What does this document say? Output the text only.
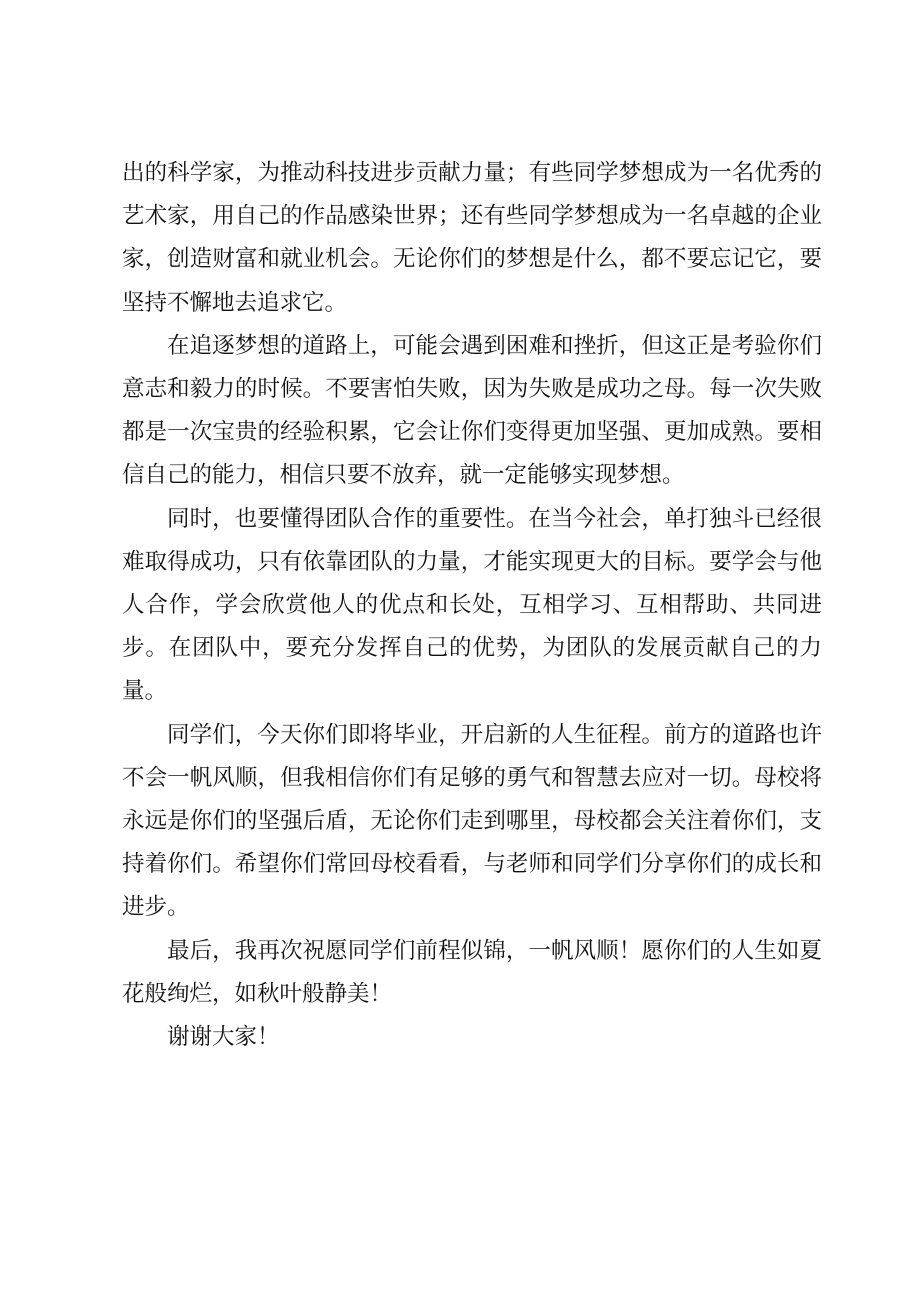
出的科学家，为推动科技进步贡献力量；有些同学梦想成为一名优秀的艺术家，用自己的作品感染世界；还有些同学梦想成为一名卓越的企业家，创造财富和就业机会。无论你们的梦想是什么，都不要忘记它，要坚持不懈地去追求它。

在追逐梦想的道路上，可能会遇到困难和挫折，但这正是考验你们意志和毅力的时候。不要害怕失败，因为失败是成功之母。每一次失败都是一次宝贵的经验积累，它会让你们变得更加坚强、更加成熟。要相信自己的能力，相信只要不放弃，就一定能够实现梦想。

同时，也要懂得团队合作的重要性。在当今社会，单打独斗已经很难取得成功，只有依靠团队的力量，才能实现更大的目标。要学会与他人合作，学会欣赏他人的优点和长处，互相学习、互相帮助、共同进步。在团队中，要充分发挥自己的优势，为团队的发展贡献自己的力量。

同学们，今天你们即将毕业，开启新的人生征程。前方的道路也许不会一帆风顺，但我相信你们有足够的勇气和智慧去应对一切。母校将永远是你们的坚强后盾，无论你们走到哪里，母校都会关注着你们，支持着你们。希望你们常回母校看看，与老师和同学们分享你们的成长和进步。

最后，我再次祝愿同学们前程似锦，一帆风顺！愿你们的人生如夏花般绚烂，如秋叶般静美！

谢谢大家！
